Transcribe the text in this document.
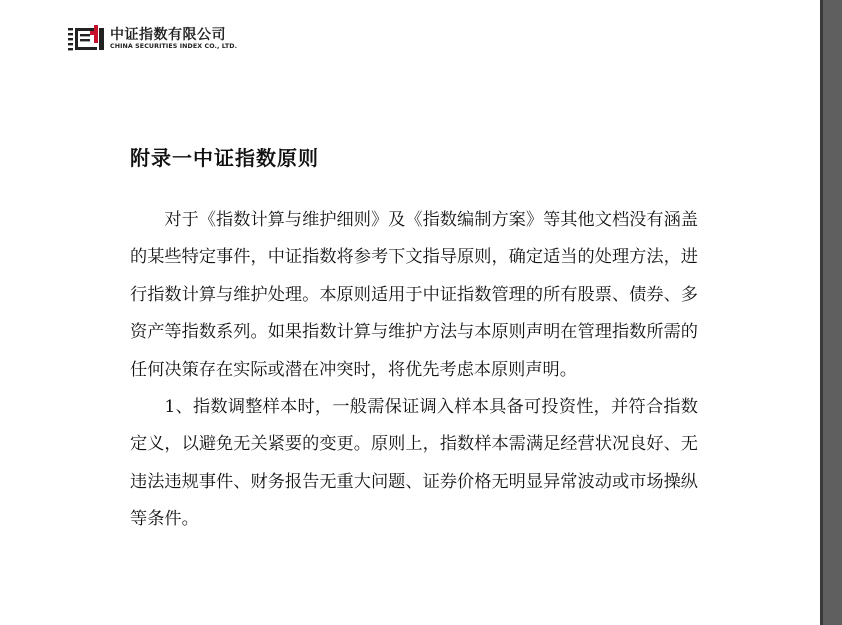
中证指数有限公司
CHINA SECURITIES INDEX CO., LTD.
附录一中证指数原则

对于《指数计算与维护细则》及《指数编制方案》等其他文档没有涵盖的某些特定事件，中证指数将参考下文指导原则，确定适当的处理方法，进行指数计算与维护处理。本原则适用于中证指数管理的所有股票、债券、多资产等指数系列。如果指数计算与维护方法与本原则声明在管理指数所需的任何决策存在实际或潜在冲突时，将优先考虑本原则声明。

1、指数调整样本时，一般需保证调入样本具备可投资性，并符合指数定义，以避免无关紧要的变更。原则上，指数样本需满足经营状况良好、无违法违规事件、财务报告无重大问题、证券价格无明显异常波动或市场操纵等条件。
